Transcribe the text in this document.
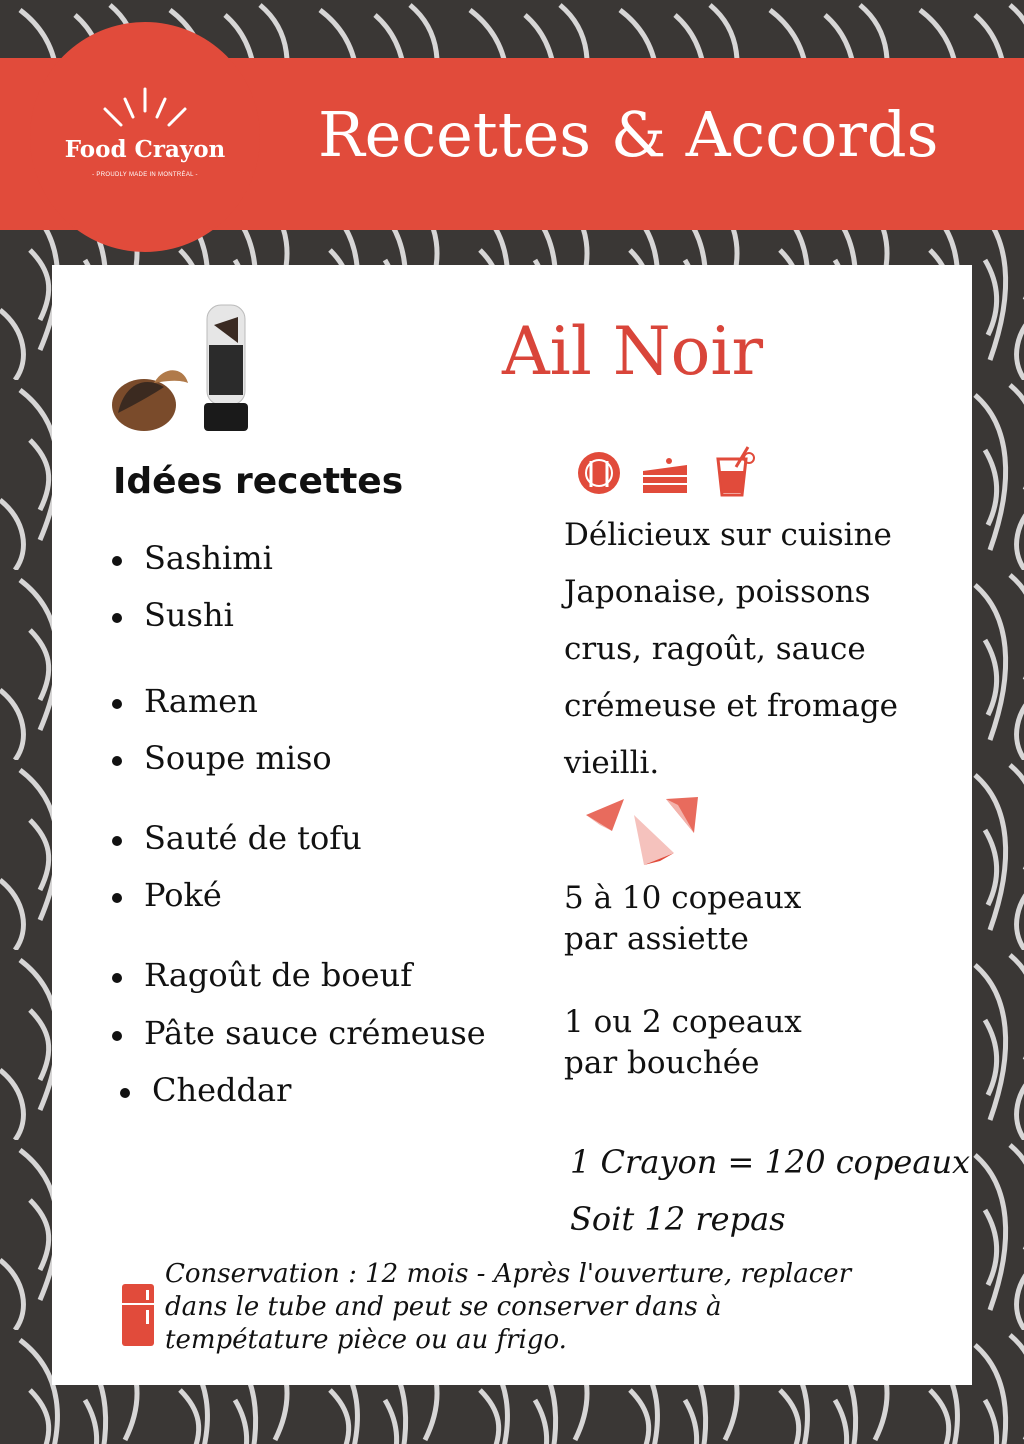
Food Crayon
- PROUDLY MADE IN MONTRÉAL -
Recettes & Accords
Ail Noir
Idées recettes
Sashimi
Sushi
Ramen
Soupe miso
Sauté de tofu
Poké
Ragoût de boeuf
Pâte sauce crémeuse
Cheddar
Délicieux sur cuisine
Japonaise, poissons
crus, ragoût, sauce
crémeuse et fromage
vieilli.
5 à 10 copeaux
par assiette
1 ou 2 copeaux
par bouchée
1 Crayon = 120 copeaux
Soit 12 repas
Conservation : 12 mois - Après l'ouverture, replacer
dans le tube and peut se conserver dans à
tempétature pièce ou au frigo.
